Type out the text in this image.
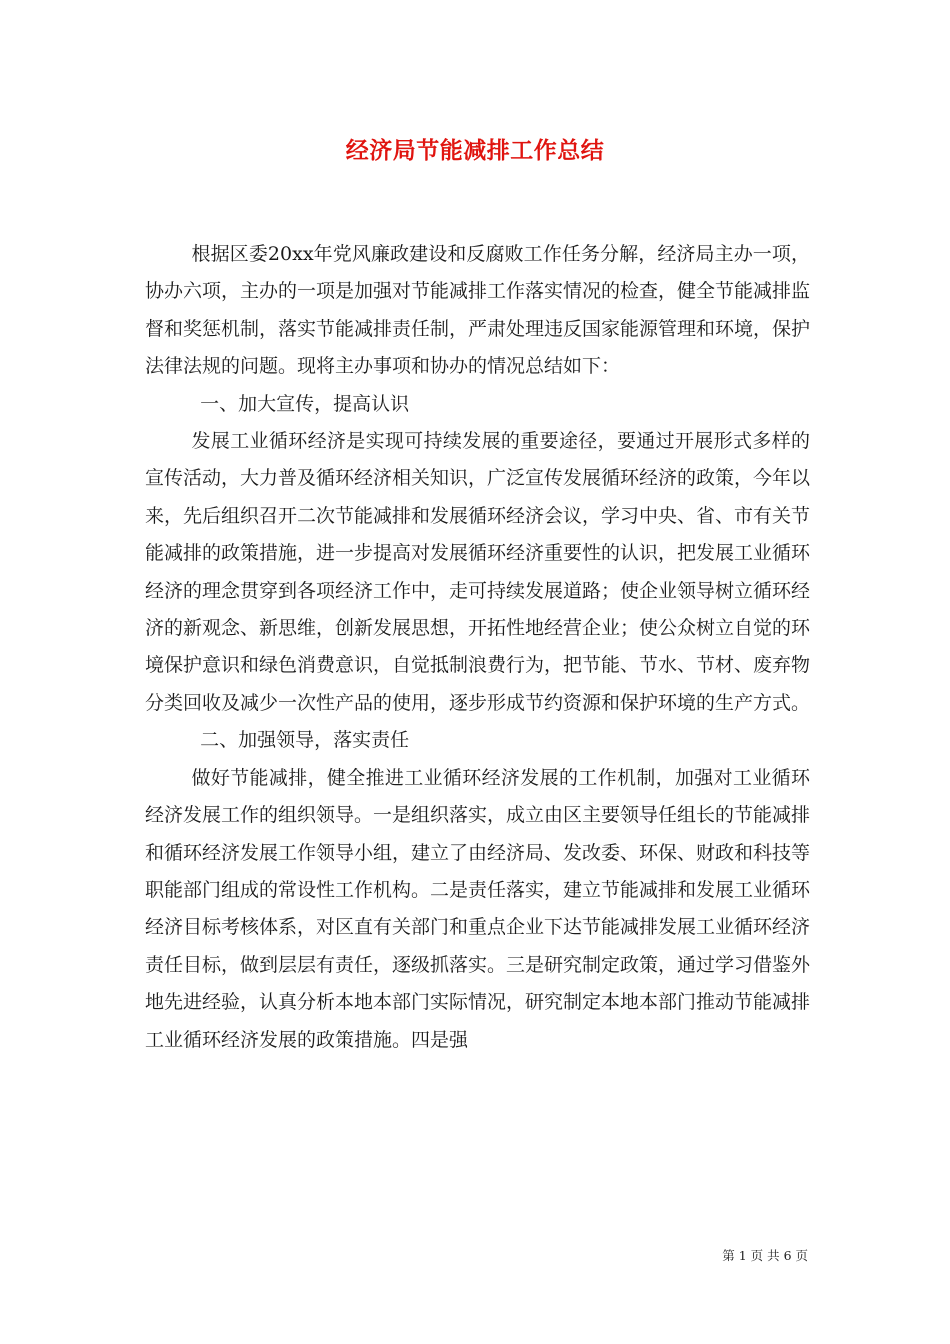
经济局节能减排工作总结

根据区委20xx年党风廉政建设和反腐败工作任务分解，经济局主办一项，协办六项，主办的一项是加强对节能减排工作落实情况的检查，健全节能减排监督和奖惩机制，落实节能减排责任制，严肃处理违反国家能源管理和环境，保护法律法规的问题。现将主办事项和协办的情况总结如下：

一、加大宣传，提高认识

发展工业循环经济是实现可持续发展的重要途径，要通过开展形式多样的宣传活动，大力普及循环经济相关知识，广泛宣传发展循环经济的政策，今年以来，先后组织召开二次节能减排和发展循环经济会议，学习中央、省、市有关节能减排的政策措施，进一步提高对发展循环经济重要性的认识，把发展工业循环经济的理念贯穿到各项经济工作中，走可持续发展道路；使企业领导树立循环经济的新观念、新思维，创新发展思想，开拓性地经营企业；使公众树立自觉的环境保护意识和绿色消费意识，自觉抵制浪费行为，把节能、节水、节材、废弃物分类回收及减少一次性产品的使用，逐步形成节约资源和保护环境的生产方式。

二、加强领导，落实责任

做好节能减排，健全推进工业循环经济发展的工作机制，加强对工业循环经济发展工作的组织领导。一是组织落实，成立由区主要领导任组长的节能减排和循环经济发展工作领导小组，建立了由经济局、发改委、环保、财政和科技等职能部门组成的常设性工作机构。二是责任落实，建立节能减排和发展工业循环经济目标考核体系，对区直有关部门和重点企业下达节能减排发展工业循环经济责任目标，做到层层有责任，逐级抓落实。三是研究制定政策，通过学习借鉴外地先进经验，认真分析本地本部门实际情况，研究制定本地本部门推动节能减排工业循环经济发展的政策措施。四是强

第 1 页 共 6 页
